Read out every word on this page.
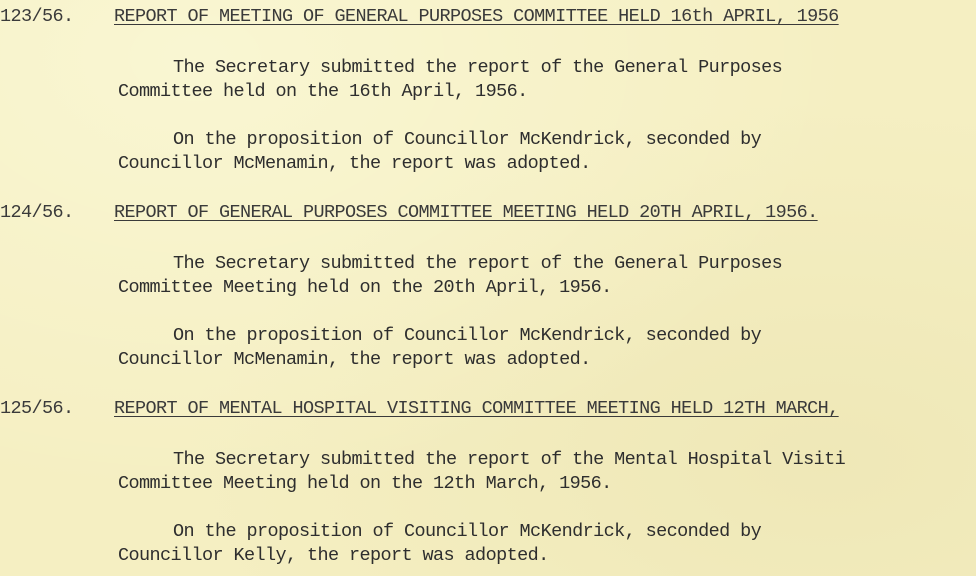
123/56. REPORT OF MEETING OF GENERAL PURPOSES COMMITTEE HELD 16th APRIL, 1956
The Secretary submitted the report of the General Purposes
Committee held on the 16th April, 1956.
On the proposition of Councillor McKendrick, seconded by
Councillor McMenamin, the report was adopted.
124/56. REPORT OF GENERAL PURPOSES COMMITTEE MEETING HELD 20TH APRIL, 1956.
The Secretary submitted the report of the General Purposes
Committee Meeting held on the 20th April, 1956.
On the proposition of Councillor McKendrick, seconded by
Councillor McMenamin, the report was adopted.
125/56. REPORT OF MENTAL HOSPITAL VISITING COMMITTEE MEETING HELD 12TH MARCH,
The Secretary submitted the report of the Mental Hospital Visiti
Committee Meeting held on the 12th March, 1956.
On the proposition of Councillor McKendrick, seconded by
Councillor Kelly, the report was adopted.
